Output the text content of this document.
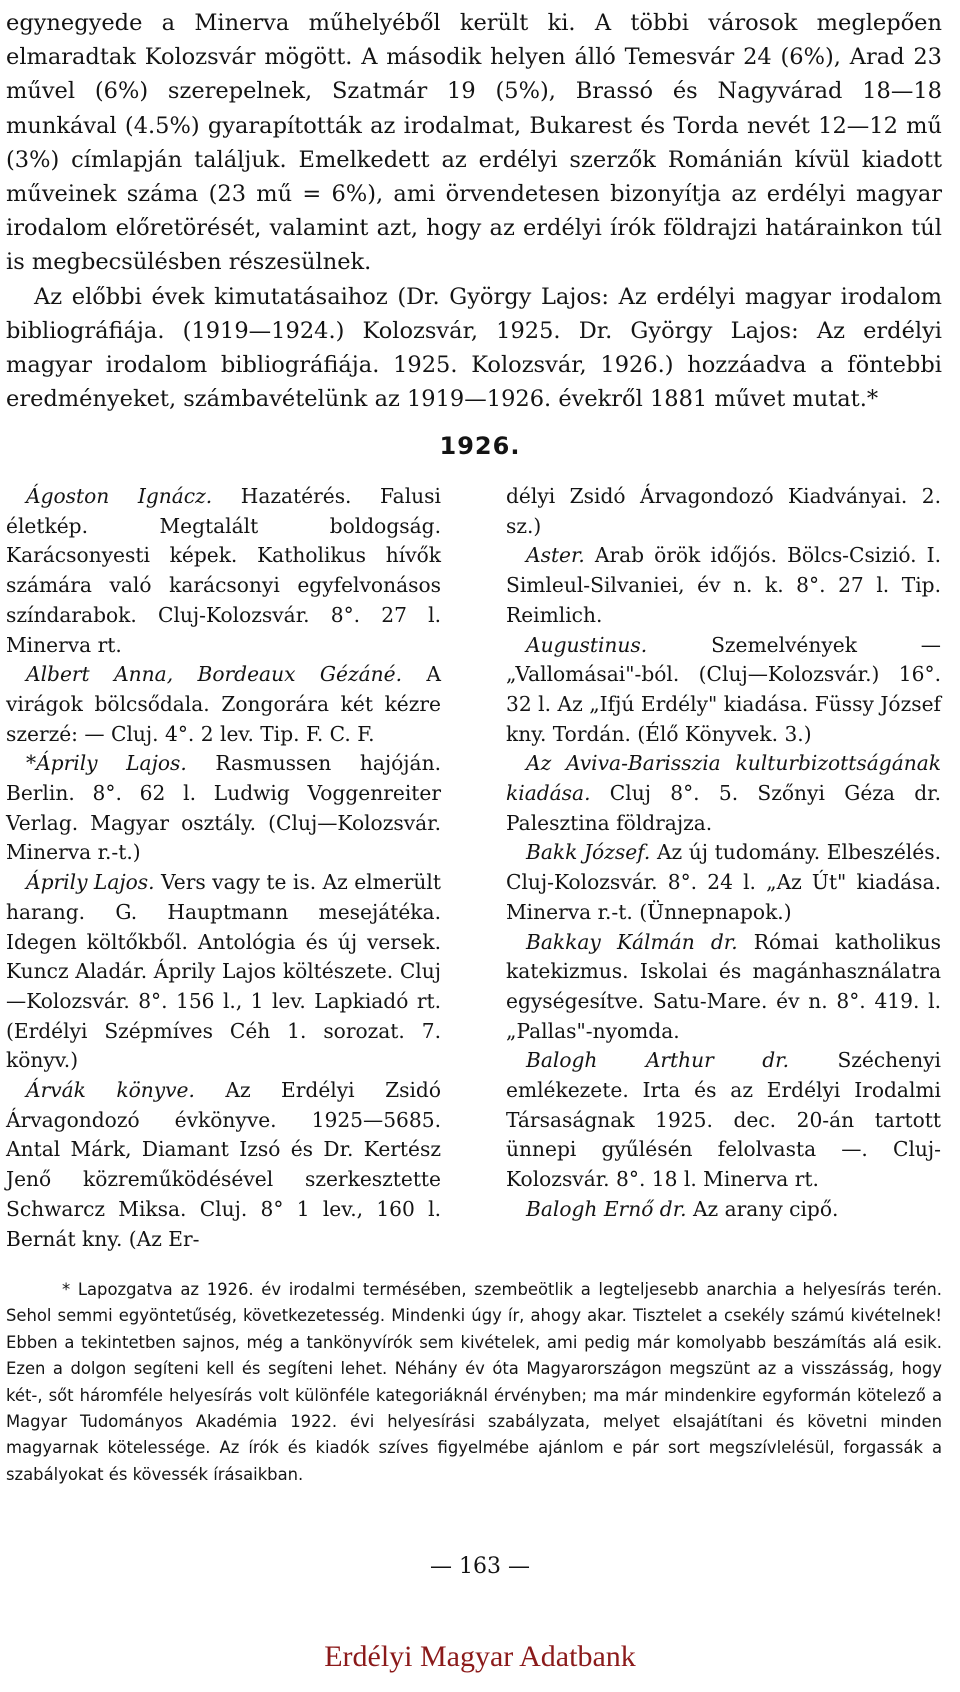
egynegyede a Minerva műhelyéből került ki. A többi városok meglepően elmaradtak Kolozsvár mögött. A második helyen álló Temesvár 24 (6%), Arad 23 művel (6%) szerepelnek, Szatmár 19 (5%), Brassó és Nagyvárad 18—18 munkával (4.5%) gyarapították az irodalmat, Bukarest és Torda nevét 12—12 mű (3%) címlapján találjuk. Emelkedett az erdélyi szerzők Románián kívül kiadott műveinek száma (23 mű = 6%), ami örvendetesen bizonyítja az erdélyi magyar irodalom előretörését, valamint azt, hogy az erdélyi írók földrajzi határainkon túl is megbecsülésben részesülnek.

Az előbbi évek kimutatásaihoz (Dr. György Lajos: Az erdélyi magyar irodalom bibliográfiája. (1919—1924.) Kolozsvár, 1925. Dr. György Lajos: Az erdélyi magyar irodalom bibliográfiája. 1925. Kolozsvár, 1926.) hozzáadva a föntebbi eredményeket, számbavételünk az 1919—1926. évekről 1881 művet mutat.*

1926.

Ágoston Ignácz. Hazatérés. Falusi életkép. Megtalált boldogság. Karácsonyesti képek. Katholikus hívők számára való karácsonyi egyfelvonásos színdarabok. Cluj-Kolozsvár. 8°. 27 l. Minerva rt.

Albert Anna, Bordeaux Gézáné. A virágok bölcsődala. Zongorára két kézre szerzé: — Cluj. 4°. 2 lev. Tip. F. C. F.

*Áprily Lajos. Rasmussen hajóján. Berlin. 8°. 62 l. Ludwig Voggenreiter Verlag. Magyar osztály. (Cluj—Kolozsvár. Minerva r.-t.)

Áprily Lajos. Vers vagy te is. Az elmerült harang. G. Hauptmann mesejátéka. Idegen költőkből. Antológia és új versek. Kuncz Aladár. Áprily Lajos költészete. Cluj—Kolozsvár. 8°. 156 l., 1 lev. Lapkiadó rt. (Erdélyi Szépmíves Céh 1. sorozat. 7. könyv.)

Árvák könyve. Az Erdélyi Zsidó Árvagondozó évkönyve. 1925—5685. Antal Márk, Diamant Izsó és Dr. Kertész Jenő közreműködésével szerkesztette Schwarcz Miksa. Cluj. 8° 1 lev., 160 l. Bernát kny. (Az Er-

délyi Zsidó Árvagondozó Kiadványai. 2. sz.)

Aster. Arab örök időjós. Bölcs-Csizió. I. Simleul-Silvaniei, év n. k. 8°. 27 l. Tip. Reimlich.

Augustinus. Szemelvények — „Vallomásai"-ból. (Cluj—Kolozsvár.) 16°. 32 l. Az „Ifjú Erdély" kiadása. Füssy József kny. Tordán. (Élő Könyvek. 3.)

Az Aviva-Barisszia kulturbizottságának kiadása. Cluj 8°. 5. Szőnyi Géza dr. Palesztina földrajza.

Bakk József. Az új tudomány. Elbeszélés. Cluj-Kolozsvár. 8°. 24 l. „Az Út" kiadása. Minerva r.-t. (Ünnepnapok.)

Bakkay Kálmán dr. Római katholikus katekizmus. Iskolai és magánhasználatra egységesítve. Satu-Mare. év n. 8°. 419. l. „Pallas"-nyomda.

Balogh Arthur dr. Széchenyi emlékezete. Irta és az Erdélyi Irodalmi Társaságnak 1925. dec. 20-án tartott ünnepi gyűlésén felolvasta —. Cluj-Kolozsvár. 8°. 18 l. Minerva rt.

Balogh Ernő dr. Az arany cipő.

* Lapozgatva az 1926. év irodalmi termésében, szembeötlik a legteljesebb anarchia a helyesírás terén. Sehol semmi egyöntetűség, következetesség. Mindenki úgy ír, ahogy akar. Tisztelet a csekély számú kivételnek! Ebben a tekintetben sajnos, még a tankönyvírók sem kivételek, ami pedig már komolyabb beszámítás alá esik. Ezen a dolgon segíteni kell és segíteni lehet. Néhány év óta Magyarországon megszünt az a visszásság, hogy két-, sőt háromféle helyesírás volt különféle kategoriáknál érvényben; ma már mindenkire egyformán kötelező a Magyar Tudományos Akadémia 1922. évi helyesírási szabályzata, melyet elsajátítani és követni minden magyarnak kötelessége. Az írók és kiadók szíves figyelmébe ajánlom e pár sort megszívlelésül, forgassák a szabályokat és kövessék írásaikban.

— 163 —

Erdélyi Magyar Adatbank
